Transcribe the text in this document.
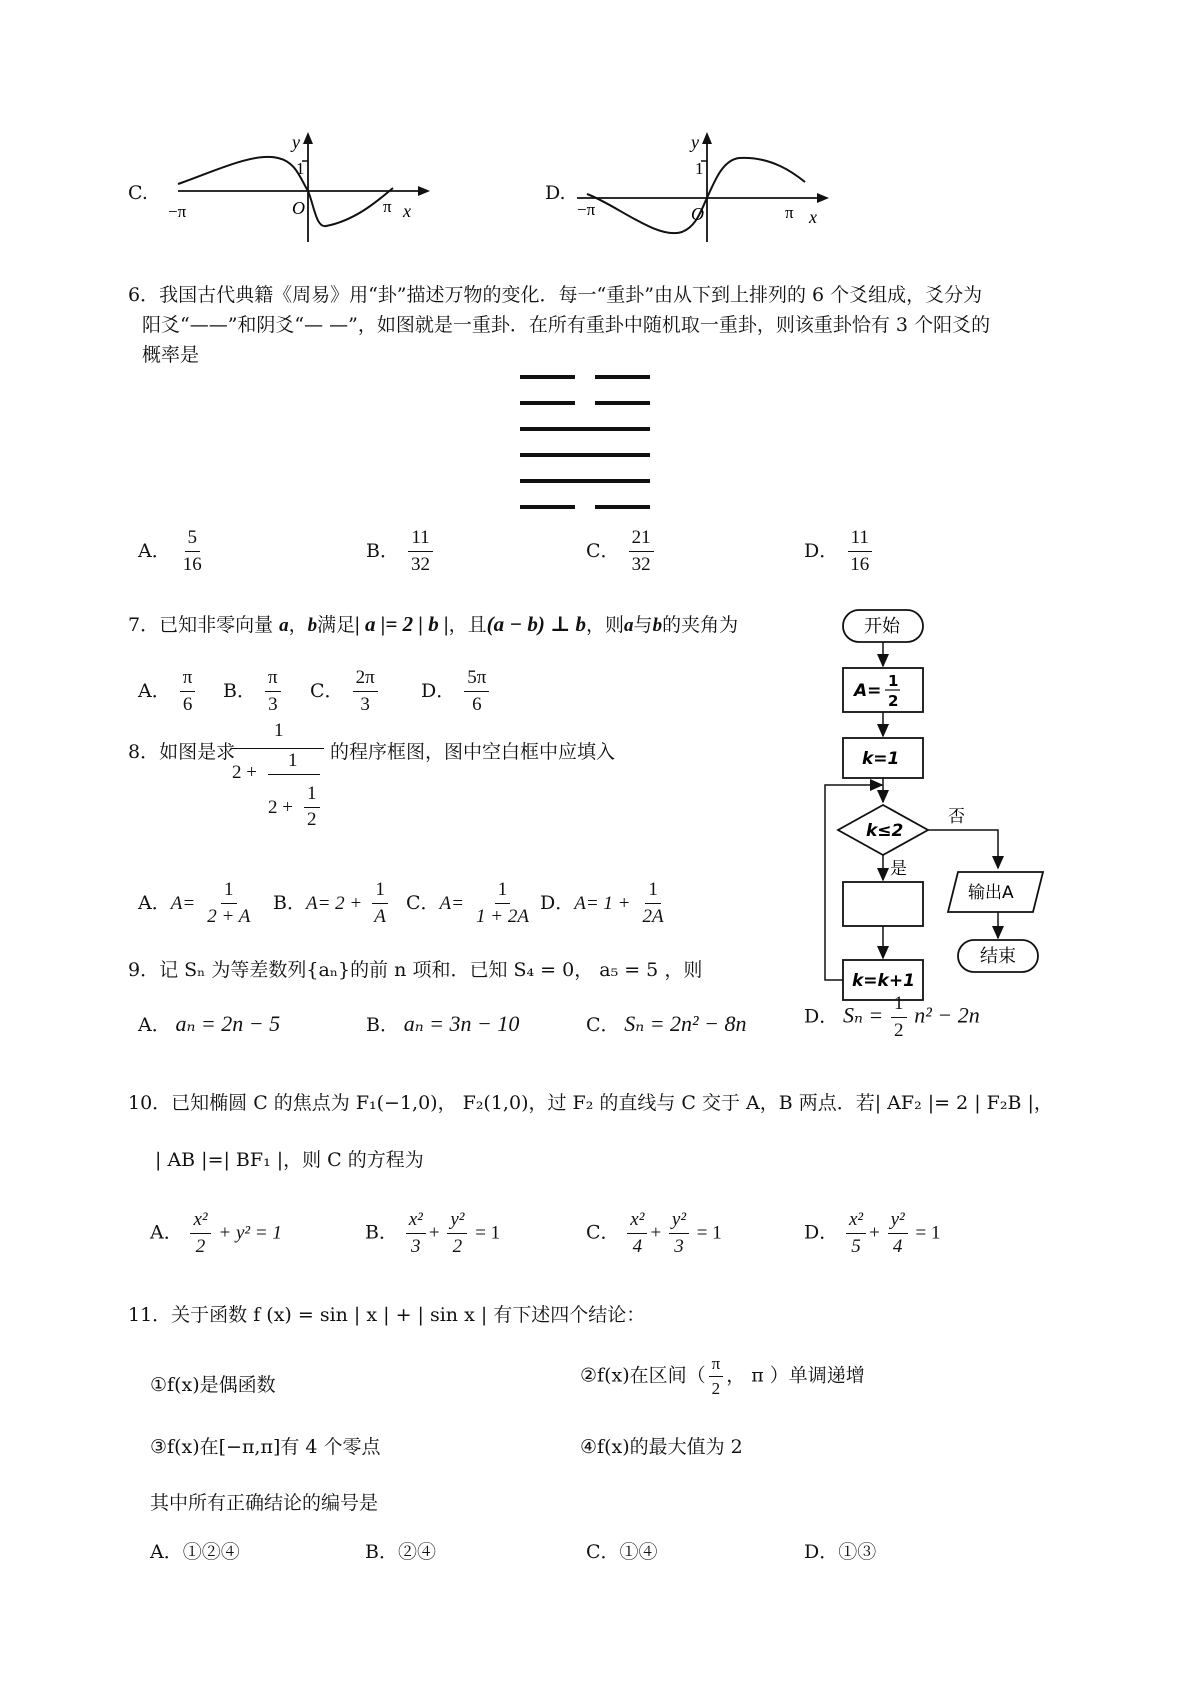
C.
y
1
O
−π	π x
D.
y
1
O
−π	π x
6．我国古代典籍《周易》用“卦”描述万物的变化．每一“重卦”由从下到上排列的 6 个爻组成，爻分为
阳爻“——”和阴爻“— —”，如图就是一重卦．在所有重卦中随机取一重卦，则该重卦恰有 3 个阳爻的
概率是
A． $\frac{5}{16}$	B． $\frac{11}{32}$	C． $\frac{21}{32}$	D． $\frac{11}{16}$
7．已知非零向量 a，b满足| a |= 2 | b |，且(a − b) ⊥ b，则a与b的夹角为
A． $\frac{\pi}{6}$ B． $\frac{\pi}{3}$ C． $\frac{2\pi}{3}$ D． $\frac{5\pi}{6}$
8．如图是求
1
2 +
1
2 +
1
2
的程序框图，图中空白框中应填入
A．$A= \frac{1}{2 + A}$ B．$A= 2 + \frac{1}{A}$ C．$A= \frac{1}{1 + 2A}$ D．$A= 1 + \frac{1}{2A}$
开始
A= 1
2
k=1
k≤2
否
是
k=k+1
输出A
结束
9．记 Sₙ 为等差数列{aₙ}的前 n 项和．已知 S₄ = 0， a₅ = 5 ，则
A． aₙ = 2n − 5	B． aₙ = 3n − 10	C． Sₙ = 2n² − 8n	D． $S_n = \frac{1}{2} n^2 - 2n$
10．已知椭圆 C 的焦点为 F₁(−1,0)， F₂(1,0)，过 F₂ 的直线与 C 交于 A，B 两点．若| AF₂ |= 2 | F₂B |，
| AB |=| BF₁ |，则 C 的方程为
A． $\frac{\text{x²}}{2} + y^2 = 1$	B． $\frac{\text{x²}}{3} + \frac{\text{y²}}{2} = 1$	C． $\frac{\text{x²}}{4} + \frac{\text{y²}}{3} = 1$	D． $\frac{\text{x²}}{5} + \frac{\text{y²}}{4} = 1$
11．关于函数 f (x) = sin | x | + | sin x | 有下述四个结论：
①f(x)是偶函数	②f(x)在区间（ $\frac{\pi}{2}$ ， π ）单调递增
③f(x)在[−π,π]有 4 个零点	④f(x)的最大值为 2
其中所有正确结论的编号是
A．①②④	B．②④	C．①④	D．①③
